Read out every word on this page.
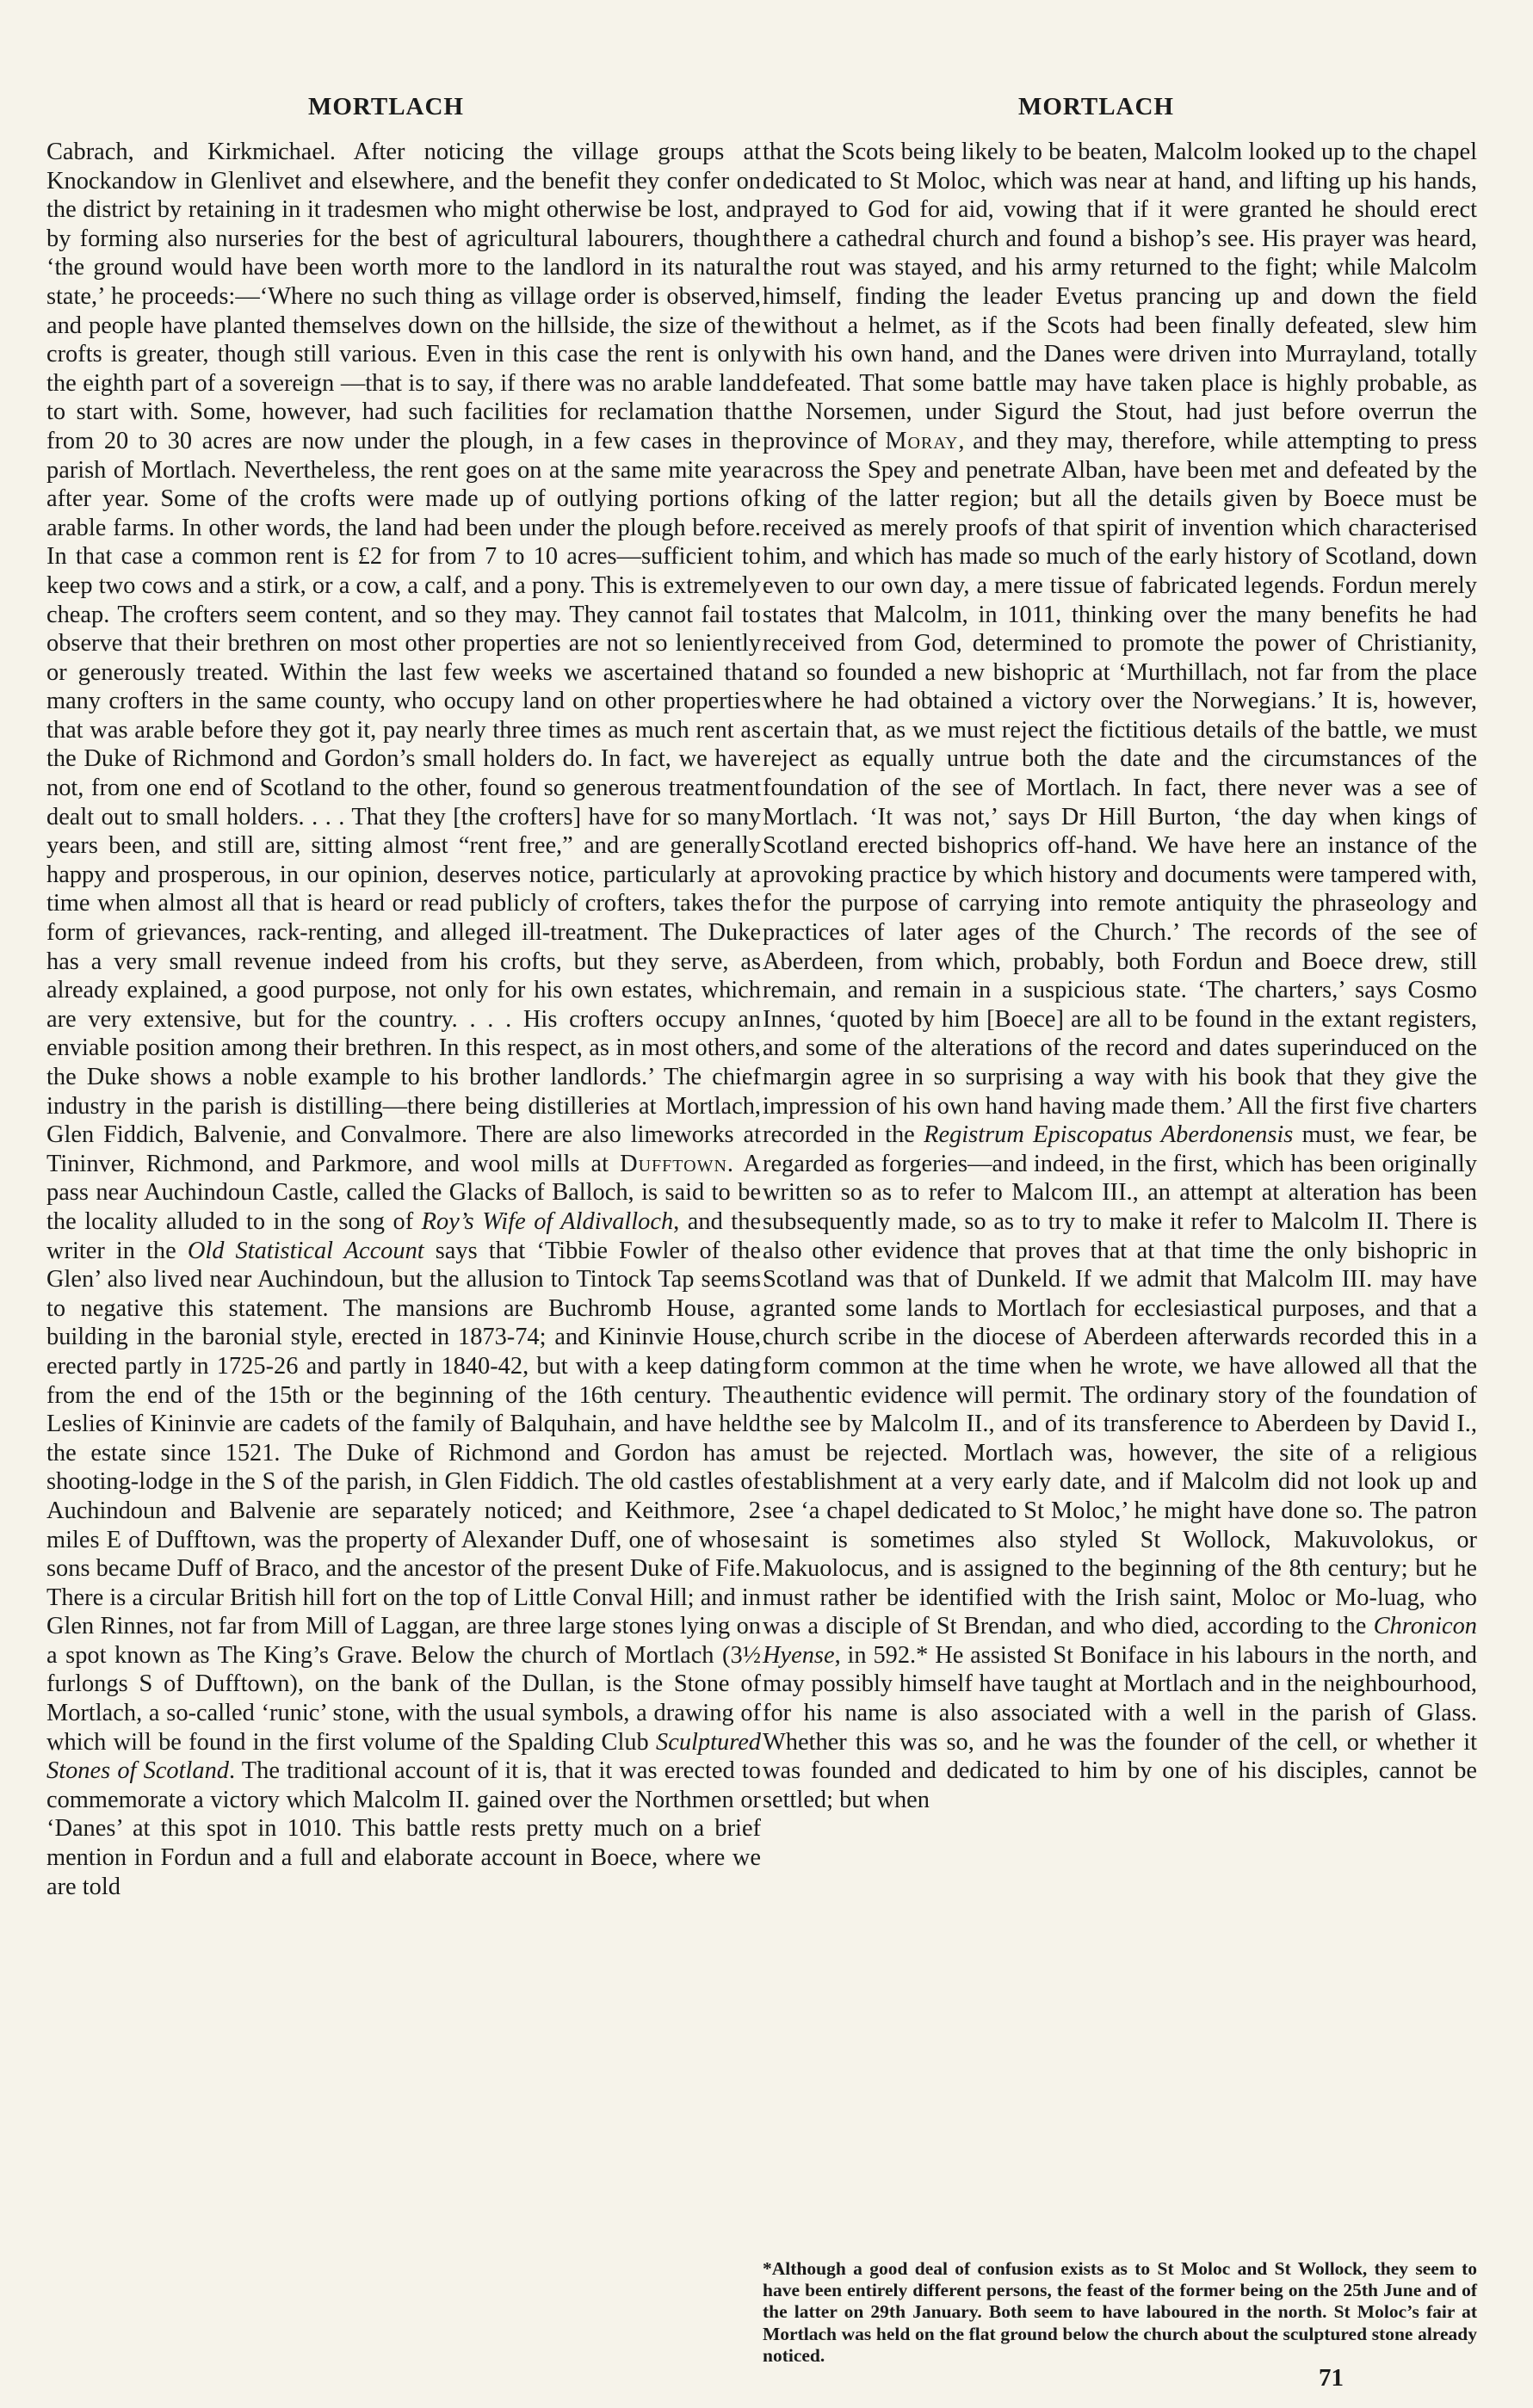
MORTLACH	MORTLACH

Cabrach, and Kirkmichael. After noticing the village groups at Knockandow in Glenlivet and elsewhere, and the benefit they confer on the district by retaining in it tradesmen who might otherwise be lost, and by forming also nurseries for the best of agricultural labourers, though ‘the ground would have been worth more to the landlord in its natural state,’ he proceeds:—‘Where no such thing as village order is observed, and people have planted themselves down on the hillside, the size of the crofts is greater, though still various. Even in this case the rent is only the eighth part of a sovereign —that is to say, if there was no arable land to start with. Some, however, had such facilities for reclamation that from 20 to 30 acres are now under the plough, in a few cases in the parish of Mortlach. Nevertheless, the rent goes on at the same mite year after year. Some of the crofts were made up of outlying portions of arable farms. In other words, the land had been under the plough before. In that case a common rent is £2 for from 7 to 10 acres—sufficient to keep two cows and a stirk, or a cow, a calf, and a pony. This is extremely cheap. The crofters seem content, and so they may. They cannot fail to observe that their brethren on most other properties are not so leniently or generously treated. Within the last few weeks we ascertained that many crofters in the same county, who occupy land on other properties that was arable before they got it, pay nearly three times as much rent as the Duke of Richmond and Gordon’s small holders do. In fact, we have not, from one end of Scotland to the other, found so generous treatment dealt out to small holders. . . . That they [the crofters] have for so many years been, and still are, sitting almost “rent free,” and are generally happy and prosperous, in our opinion, deserves notice, particularly at a time when almost all that is heard or read publicly of crofters, takes the form of grievances, rack-renting, and alleged ill-treatment. The Duke has a very small revenue indeed from his crofts, but they serve, as already explained, a good purpose, not only for his own estates, which are very extensive, but for the country. . . . His crofters occupy an enviable position among their brethren. In this respect, as in most others, the Duke shows a noble example to his brother landlords.’ The chief industry in the parish is distilling—there being distilleries at Mortlach, Glen Fiddich, Balvenie, and Convalmore. There are also limeworks at Tininver, Richmond, and Parkmore, and wool mills at Dufftown. A pass near Auchindoun Castle, called the Glacks of Balloch, is said to be the locality alluded to in the song of Roy’s Wife of Aldivalloch, and the writer in the Old Statistical Account says that ‘Tibbie Fowler of the Glen’ also lived near Auchindoun, but the allusion to Tintock Tap seems to negative this statement. The mansions are Buchromb House, a building in the baronial style, erected in 1873-74; and Kininvie House, erected partly in 1725-26 and partly in 1840-42, but with a keep dating from the end of the 15th or the beginning of the 16th century. The Leslies of Kininvie are cadets of the family of Balquhain, and have held the estate since 1521. The Duke of Richmond and Gordon has a shooting-lodge in the S of the parish, in Glen Fiddich. The old castles of Auchindoun and Balvenie are separately noticed; and Keithmore, 2 miles E of Dufftown, was the property of Alexander Duff, one of whose sons became Duff of Braco, and the ancestor of the present Duke of Fife. There is a circular British hill fort on the top of Little Conval Hill; and in Glen Rinnes, not far from Mill of Laggan, are three large stones lying on a spot known as The King’s Grave. Below the church of Mortlach (3½ furlongs S of Dufftown), on the bank of the Dullan, is the Stone of Mortlach, a so-called ‘runic’ stone, with the usual symbols, a drawing of which will be found in the first volume of the Spalding Club Sculptured Stones of Scotland. The traditional account of it is, that it was erected to commemorate a victory which Malcolm II. gained over the Northmen or ‘Danes’ at this spot in 1010. This battle rests pretty much on a brief mention in Fordun and a full and elaborate account in Boece, where we are told

that the Scots being likely to be beaten, Malcolm looked up to the chapel dedicated to St Moloc, which was near at hand, and lifting up his hands, prayed to God for aid, vowing that if it were granted he should erect there a cathedral church and found a bishop’s see. His prayer was heard, the rout was stayed, and his army returned to the fight; while Malcolm himself, finding the leader Evetus prancing up and down the field without a helmet, as if the Scots had been finally defeated, slew him with his own hand, and the Danes were driven into Murrayland, totally defeated. That some battle may have taken place is highly probable, as the Norsemen, under Sigurd the Stout, had just before overrun the province of Moray, and they may, therefore, while attempting to press across the Spey and penetrate Alban, have been met and defeated by the king of the latter region; but all the details given by Boece must be received as merely proofs of that spirit of invention which characterised him, and which has made so much of the early history of Scotland, down even to our own day, a mere tissue of fabricated legends. Fordun merely states that Malcolm, in 1011, thinking over the many benefits he had received from God, determined to promote the power of Christianity, and so founded a new bishopric at ‘Murthillach, not far from the place where he had obtained a victory over the Norwegians.’ It is, however, certain that, as we must reject the fictitious details of the battle, we must reject as equally untrue both the date and the circumstances of the foundation of the see of Mortlach. In fact, there never was a see of Mortlach. ‘It was not,’ says Dr Hill Burton, ‘the day when kings of Scotland erected bishoprics off-hand. We have here an instance of the provoking practice by which history and documents were tampered with, for the purpose of carrying into remote antiquity the phraseology and practices of later ages of the Church.’ The records of the see of Aberdeen, from which, probably, both Fordun and Boece drew, still remain, and remain in a suspicious state. ‘The charters,’ says Cosmo Innes, ‘quoted by him [Boece] are all to be found in the extant registers, and some of the alterations of the record and dates superinduced on the margin agree in so surprising a way with his book that they give the impression of his own hand having made them.’ All the first five charters recorded in the Registrum Episcopatus Aberdonensis must, we fear, be regarded as forgeries—and indeed, in the first, which has been originally written so as to refer to Malcom III., an attempt at alteration has been subsequently made, so as to try to make it refer to Malcolm II. There is also other evidence that proves that at that time the only bishopric in Scotland was that of Dunkeld. If we admit that Malcolm III. may have granted some lands to Mortlach for ecclesiastical purposes, and that a church scribe in the diocese of Aberdeen afterwards recorded this in a form common at the time when he wrote, we have allowed all that the authentic evidence will permit. The ordinary story of the foundation of the see by Malcolm II., and of its transference to Aberdeen by David I., must be rejected. Mortlach was, however, the site of a religious establishment at a very early date, and if Malcolm did not look up and see ‘a chapel dedicated to St Moloc,’ he might have done so. The patron saint is sometimes also styled St Wollock, Makuvolokus, or Makuolocus, and is assigned to the beginning of the 8th century; but he must rather be identified with the Irish saint, Moloc or Mo-luag, who was a disciple of St Brendan, and who died, according to the Chronicon Hyense, in 592.* He assisted St Boniface in his labours in the north, and may possibly himself have taught at Mortlach and in the neighbourhood, for his name is also associated with a well in the parish of Glass. Whether this was so, and he was the founder of the cell, or whether it was founded and dedicated to him by one of his disciples, cannot be settled; but when

*Although a good deal of confusion exists as to St Moloc and St Wollock, they seem to have been entirely different persons, the feast of the former being on the 25th June and of the latter on 29th January. Both seem to have laboured in the north. St Moloc’s fair at Mortlach was held on the flat ground below the church about the sculptured stone already noticed.
71
